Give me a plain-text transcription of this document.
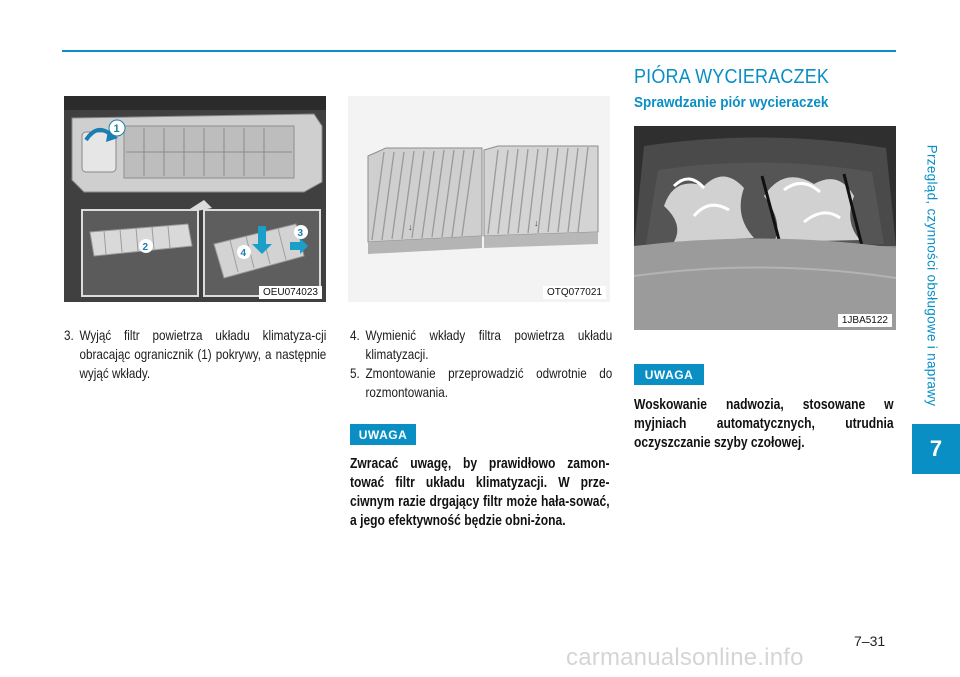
Przegląd, czynności obsługowe i naprawy
7
1
2
3
4
OEU074023
3. Wyjąć filtr powietrza układu klimatyza-cji obracając ogranicznik (1) pokrywy, a następnie wyjąć wkłady.
↓	↓
OTQ077021
4. Wymienić wkłady filtra powietrza układu klimatyzacji.
5. Zmontowanie przeprowadzić odwrotnie do rozmontowania.
UWAGA
Zwracać uwagę, by prawidłowo zamon-tować filtr układu klimatyzacji. W prze-ciwnym razie drgający filtr może hała-sować, a jego efektywność będzie obni-żona.
PIÓRA WYCIERACZEK
Sprawdzanie piór wycieraczek
1JBA5122
UWAGA
Woskowanie nadwozia, stosowane w myjniach automatycznych, utrudnia oczyszczanie szyby czołowej.
7–31
carmanualsonline.info
